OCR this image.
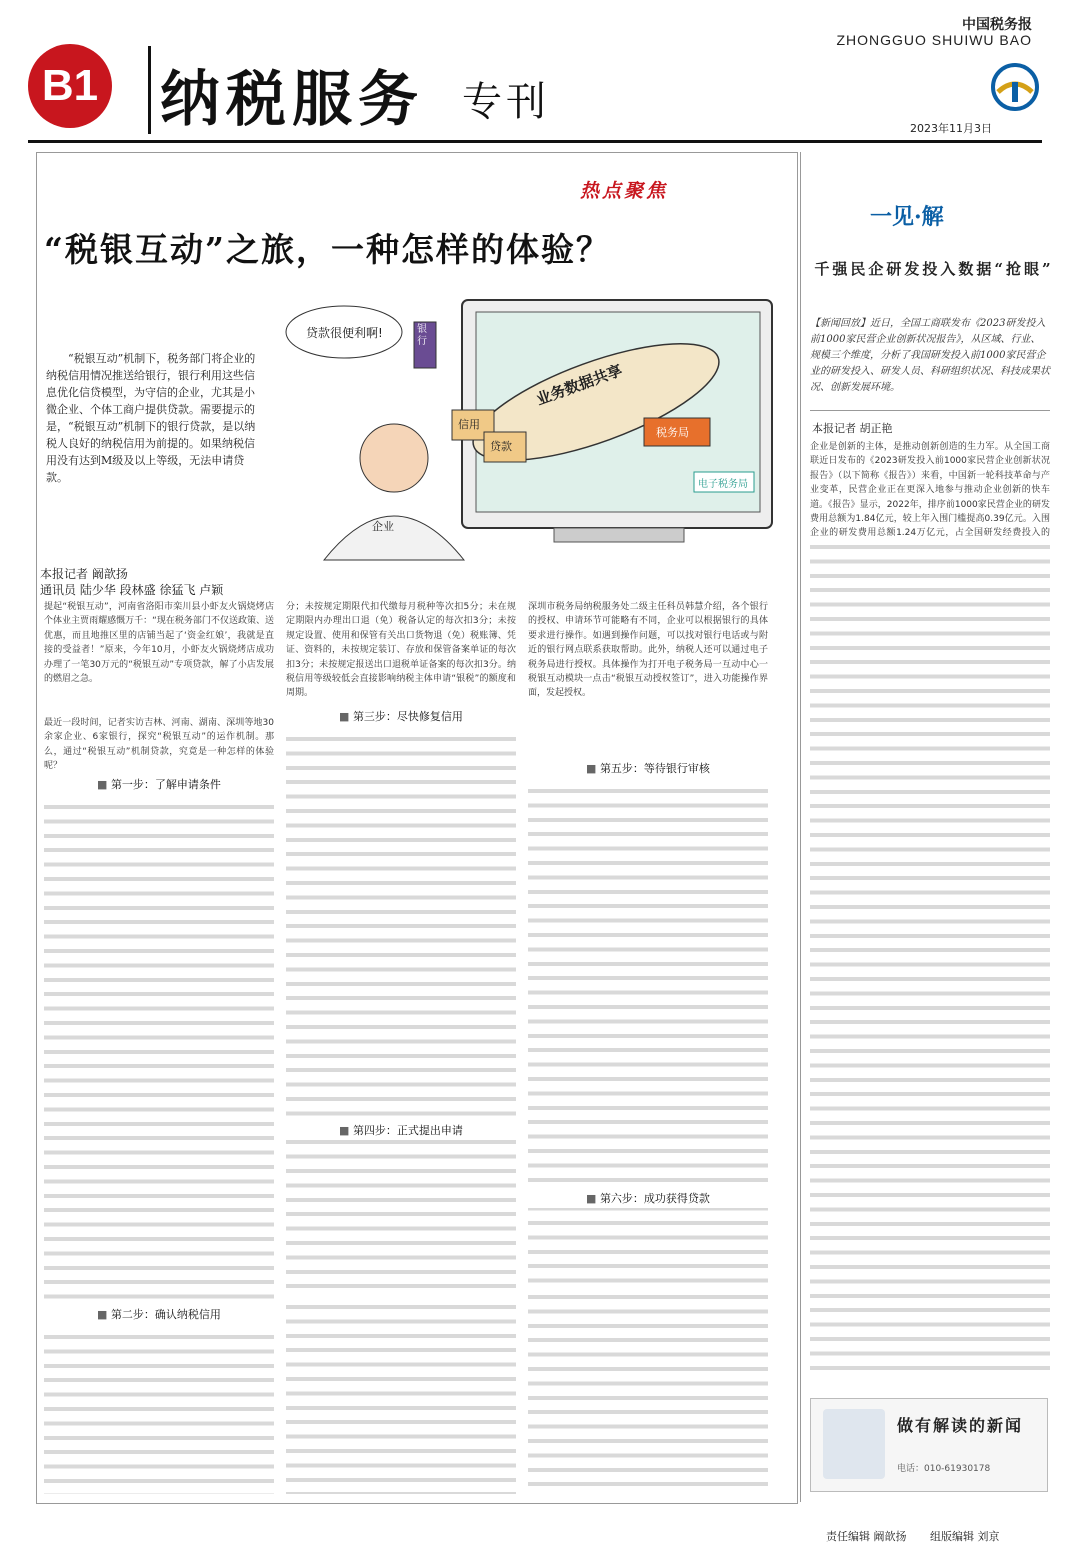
B1 纳税服务 专刊
中国税务报
ZHONGGUO SHUIWU BAO
2023年11月3日
热点聚焦
“税银互动”之旅，一种怎样的体验？
“税银互动”机制下，税务部门将企业的纳税信用情况推送给银行，银行利用这些信息优化信贷模型，为守信的企业，尤其是小微企业、个体工商户提供贷款。需要提示的是，“税银互动”机制下的银行贷款，是以纳税人良好的纳税信用为前提的。如果纳税信用没有达到M级及以上等级，无法申请贷款。
贷款很便利啊!	银行
业务数据共享
信用
贷款
税务局
电子税务局
企业
本报记者 阚歆扬
通讯员 陆少华 段林盛 徐猛飞 卢颖
提起“税银互动”，河南省洛阳市栾川县小虾友火锅烧烤店个体业主贾雨耀感慨万千：“现在税务部门不仅送政策、送优惠，而且地推区里的店铺当起了‘资金红娘’，我就是直接的受益者！”原来，今年10月，小虾友火锅烧烤店成功办理了一笔30万元的“税银互动”专项贷款，解了小店发展的燃眉之急。
最近一段时间，记者实访吉林、河南、湖南、深圳等地30余家企业、6家银行，探究“税银互动”的运作机制。那么，通过“税银互动”机制贷款，究竟是一种怎样的体验呢？
■ 第一步：了解申请条件
■ 第二步：确认纳税信用
分；未按规定期限代扣代缴每月税种等次扣5分；未在规定期限内办理出口退（免）税备认定的每次扣3分；未按规定设置、使用和保管有关出口货物退（免）税账簿、凭证、资料的，未按规定装订、存放和保管备案单证的每次扣3分；未按规定报送出口退税单证备案的每次扣3分。纳税信用等级较低会直接影响纳税主体申请“银税”的额度和周期。
■ 第三步：尽快修复信用
■ 第四步：正式提出申请
深圳市税务局纳税服务处二级主任科员韩慧介绍，各个银行的授权、申请环节可能略有不同，企业可以根据银行的具体要求进行操作。如遇到操作问题，可以找对银行电话或与附近的银行网点联系获取帮助。此外，纳税人还可以通过电子税务局进行授权。具体操作为打开电子税务局一互动中心一税银互动模块一点击“税银互动授权签订”，进入功能操作界面，发起授权。
■ 第五步：等待银行审核
■ 第六步：成功获得贷款
一见·解
千强民企研发投入数据“抢眼”
【新闻回放】近日，全国工商联发布《2023研发投入前1000家民营企业创新状况报告》，从区域、行业、规模三个维度，分析了我国研发投入前1000家民营企业的研发投入、研发人员、科研组织状况、科技成果状况、创新发展环境。
本报记者 胡正艳
企业是创新的主体，是推动创新创造的生力军。从全国工商联近日发布的《2023研发投入前1000家民营企业创新状况报告》（以下简称《报告》）来看，中国新一轮科技革命与产业变革，民营企业正在更深入地参与推动企业创新的快车道。《报告》显示，2022年，排序前1000家民营企业的研发费用总额为1.84亿元，较上年入围门槛提高0.39亿元。入围企业的研发费用总额1.24万亿元，占全国研发经费投入的
做有解读的新闻
电话：010-61930178
责任编辑 阚歆扬 组版编辑 刘京
